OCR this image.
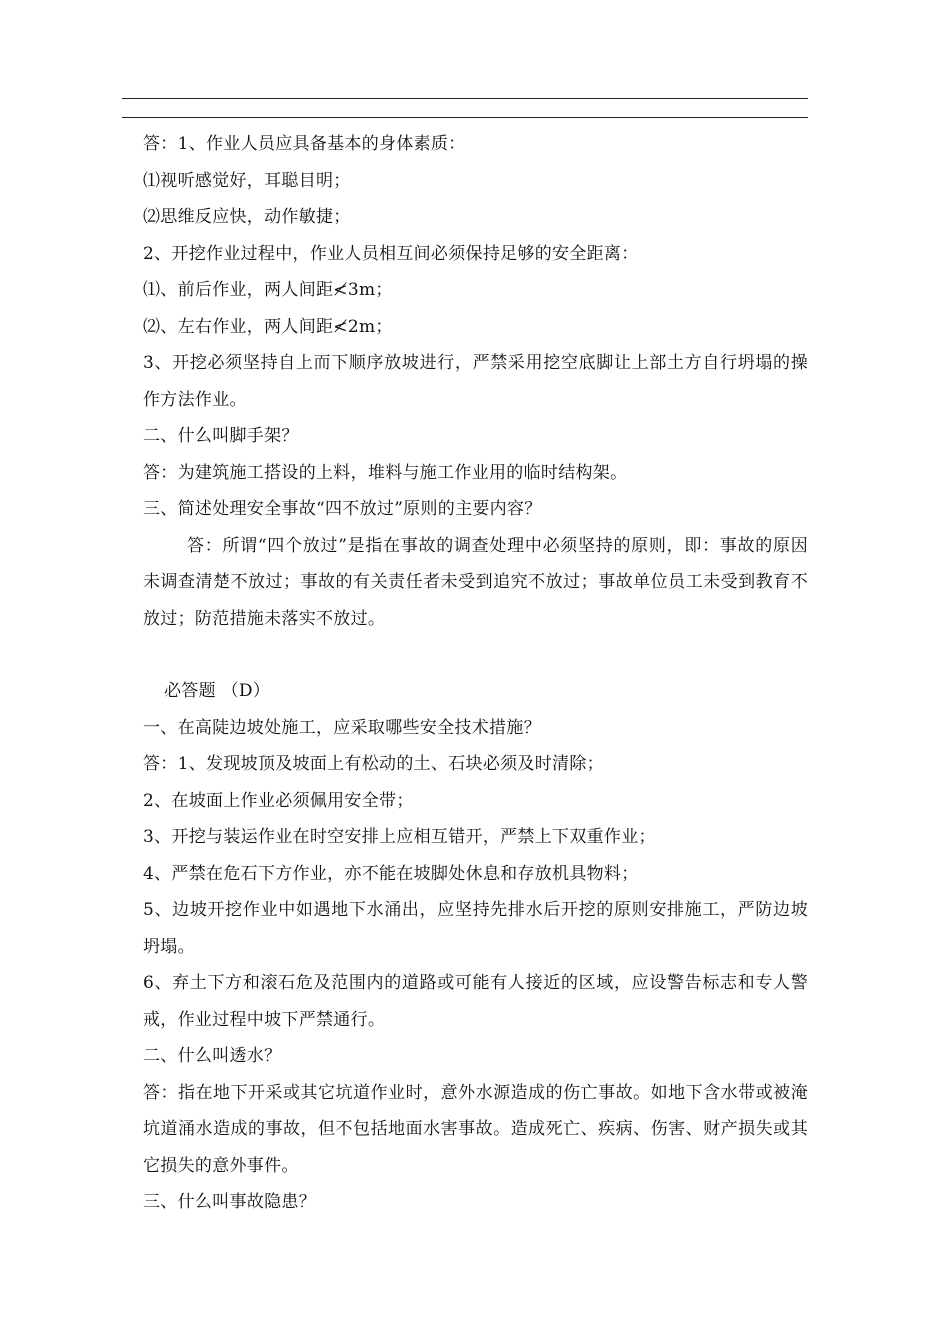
答：1、作业人员应具备基本的身体素质：
⑴视听感觉好，耳聪目明；
⑵思维反应快，动作敏捷；
2、开挖作业过程中，作业人员相互间必须保持足够的安全距离：
⑴、前后作业，两人间距≮3m；
⑵、左右作业，两人间距≮2m；
3、开挖必须坚持自上而下顺序放坡进行，严禁采用挖空底脚让上部土方自行坍塌的操作方法作业。
二、什么叫脚手架？
答：为建筑施工搭设的上料，堆料与施工作业用的临时结构架。
三、简述处理安全事故“四不放过”原则的主要内容？
答：所谓“四个放过”是指在事故的调查处理中必须坚持的原则，即：事故的原因未调查清楚不放过；事故的有关责任者未受到追究不放过；事故单位员工未受到教育不放过；防范措施未落实不放过。
必答题 （D）
一、在高陡边坡处施工，应采取哪些安全技术措施？
答：1、发现坡顶及坡面上有松动的土、石块必须及时清除；
2、在坡面上作业必须佩用安全带；
3、开挖与装运作业在时空安排上应相互错开，严禁上下双重作业；
4、严禁在危石下方作业，亦不能在坡脚处休息和存放机具物料；
5、边坡开挖作业中如遇地下水涌出，应坚持先排水后开挖的原则安排施工，严防边坡坍塌。
6、弃土下方和滚石危及范围内的道路或可能有人接近的区域，应设警告标志和专人警戒，作业过程中坡下严禁通行。
二、什么叫透水？
答：指在地下开采或其它坑道作业时，意外水源造成的伤亡事故。如地下含水带或被淹坑道涌水造成的事故，但不包括地面水害事故。造成死亡、疾病、伤害、财产损失或其它损失的意外事件。
三、什么叫事故隐患？
